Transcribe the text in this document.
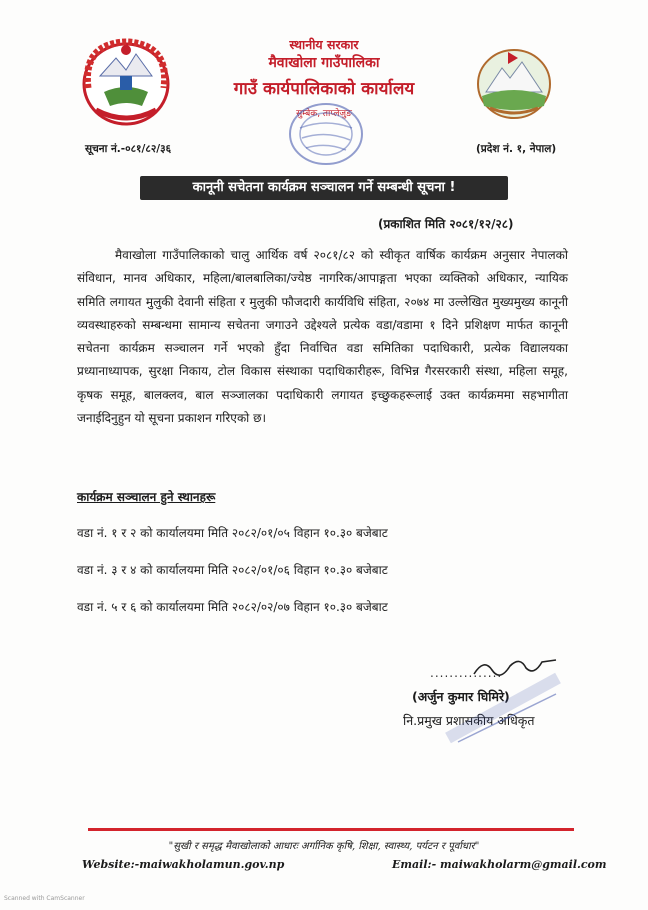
स्थानीय सरकार
मैवाखोला गाउँपालिका
गाउँ कार्यपालिकाको कार्यालय
सुम्बेक, ताप्लेजुङ
सूचना नं.-०८१/८२/३६	(प्रदेश नं. १, नेपाल)
कानूनी सचेतना कार्यक्रम सञ्चालन गर्ने सम्बन्धी सूचना !
(प्रकाशित मिति २०८१/१२/२८)
मैवाखोला गाउँपालिकाको चालु आर्थिक वर्ष २०८१/८२ को स्वीकृत वार्षिक कार्यक्रम अनुसार नेपालको संविधान, मानव अधिकार, महिला/बालबालिका/ज्येष्ठ नागरिक/आपाङ्गता भएका व्यक्तिको अधिकार, न्यायिक समिति लगायत मुलुकी देवानी संहिता र मुलुकी फौजदारी कार्यविधि संहिता, २०७४ मा उल्लेखित मुख्यमुख्य कानूनी व्यवस्थाहरुको सम्बन्धमा सामान्य सचेतना जगाउने उद्देश्यले प्रत्येक वडा/वडामा १ दिने प्रशिक्षण मार्फत कानूनी सचेतना कार्यक्रम सञ्चालन गर्ने भएको हुँदा निर्वाचित वडा समितिका पदाधिकारी, प्रत्येक विद्यालयका प्रध्यानाध्यापक, सुरक्षा निकाय, टोल विकास संस्थाका पदाधिकारीहरू, विभिन्न गैरसरकारी संस्था, महिला समूह, कृषक समूह, बालक्लव, बाल सञ्जालका पदाधिकारी लगायत इच्छुकहरूलाई उक्त कार्यक्रममा सहभागीता जनाईदिनुहुन यो सूचना प्रकाशन गरिएको छ।
कार्यक्रम सञ्चालन हुने स्थानहरू
वडा नं. १ र २ को कार्यालयमा मिति २०८२/०१/०५ विहान १०.३० बजेबाट
वडा नं. ३ र ४ को कार्यालयमा मिति २०८२/०१/०६ विहान १०.३० बजेबाट
वडा नं. ५ र ६ को कार्यालयमा मिति २०८२/०२/०७ विहान १०.३० बजेबाट
...............
(अर्जुन कुमार घिमिरे)
नि.प्रमुख प्रशासकीय अधिकृत
"सुखी र समृद्ध मैवाखोलाको आधारः अर्गानिक कृषि, शिक्षा, स्वास्थ्य, पर्यटन र पूर्वाधार"
Website:-maiwakholamun.gov.np	Email:- maiwakholarm@gmail.com
Scanned with CamScanner
